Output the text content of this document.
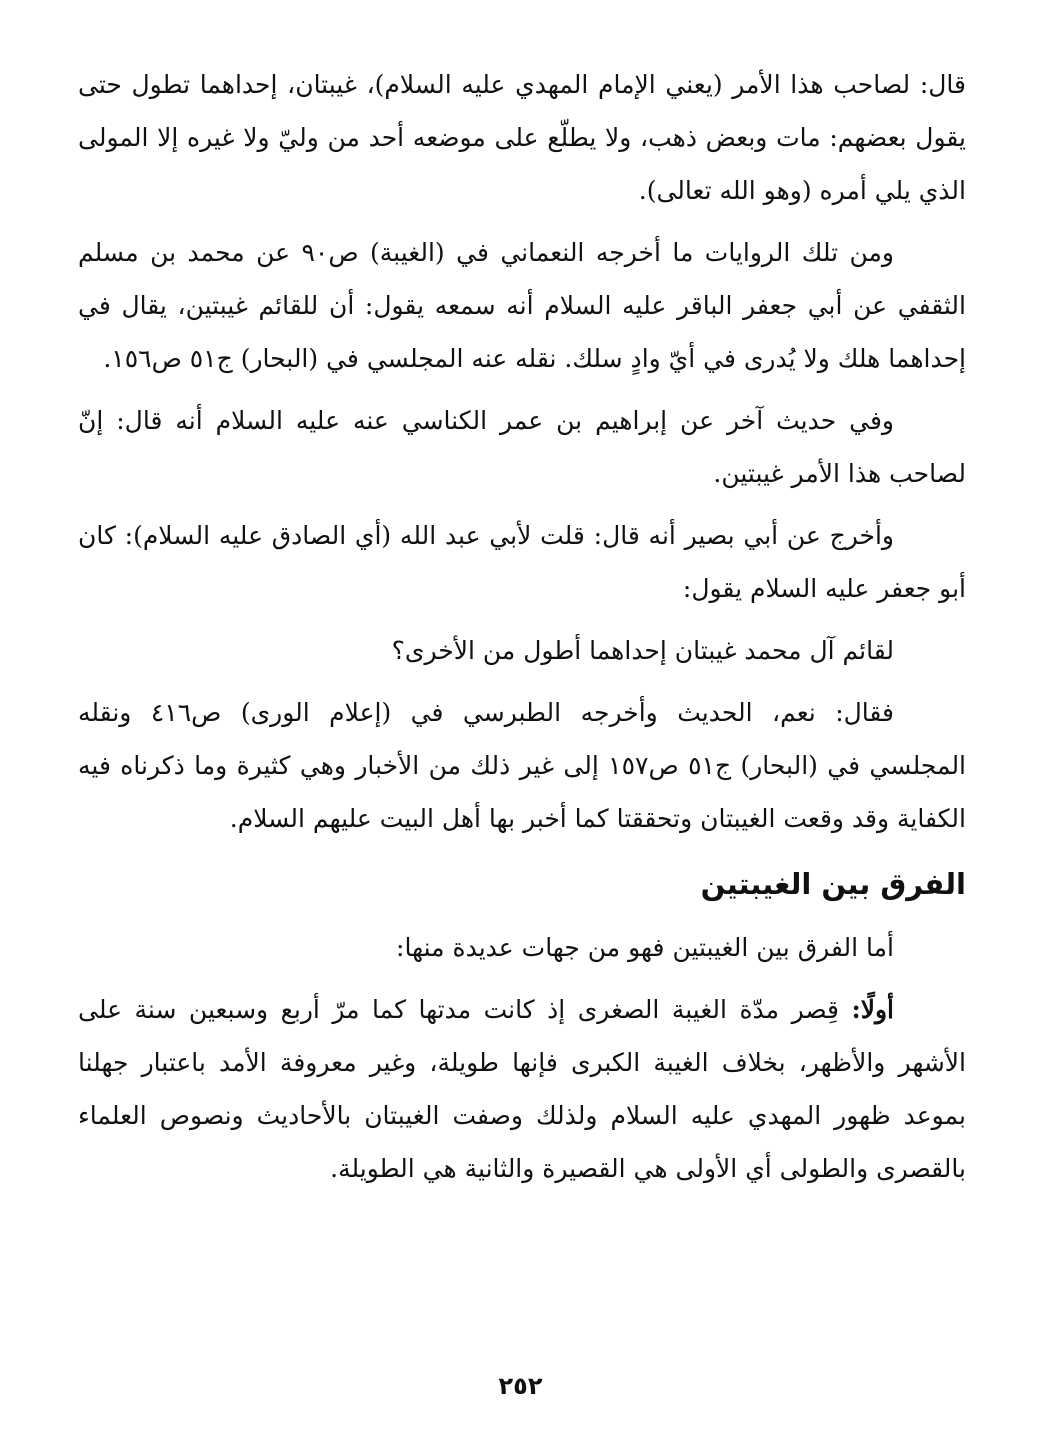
قال: لصاحب هذا الأمر (يعني الإمام المهدي عليه السلام)، غيبتان، إحداهما تطول حتى يقول بعضهم: مات وبعض ذهب، ولا يطلّع على موضعه أحد من وليّ ولا غيره إلا المولى الذي يلي أمره (وهو الله تعالى).

ومن تلك الروايات ما أخرجه النعماني في (الغيبة) ص٩٠ عن محمد بن مسلم الثقفي عن أبي جعفر الباقر عليه السلام أنه سمعه يقول: أن للقائم غيبتين، يقال في إحداهما هلك ولا يُدرى في أيّ وادٍ سلك. نقله عنه المجلسي في (البحار) ج٥١ ص١٥٦.

وفي حديث آخر عن إبراهيم بن عمر الكناسي عنه عليه السلام أنه قال: إنّ لصاحب هذا الأمر غيبتين.

وأخرج عن أبي بصير أنه قال: قلت لأبي عبد الله (أي الصادق عليه السلام): كان أبو جعفر عليه السلام يقول:

لقائم آل محمد غيبتان إحداهما أطول من الأخرى؟

فقال: نعم، الحديث وأخرجه الطبرسي في (إعلام الورى) ص٤١٦ ونقله المجلسي في (البحار) ج٥١ ص١٥٧ إلى غير ذلك من الأخبار وهي كثيرة وما ذكرناه فيه الكفاية وقد وقعت الغيبتان وتحققتا كما أخبر بها أهل البيت عليهم السلام.

الفرق بين الغيبتين

أما الفرق بين الغيبتين فهو من جهات عديدة منها:

أولًا: قِصر مدّة الغيبة الصغرى إذ كانت مدتها كما مرّ أربع وسبعين سنة على الأشهر والأظهر، بخلاف الغيبة الكبرى فإنها طويلة، وغير معروفة الأمد باعتبار جهلنا بموعد ظهور المهدي عليه السلام ولذلك وصفت الغيبتان بالأحاديث ونصوص العلماء بالقصرى والطولى أي الأولى هي القصيرة والثانية هي الطويلة.

٢٥٢
